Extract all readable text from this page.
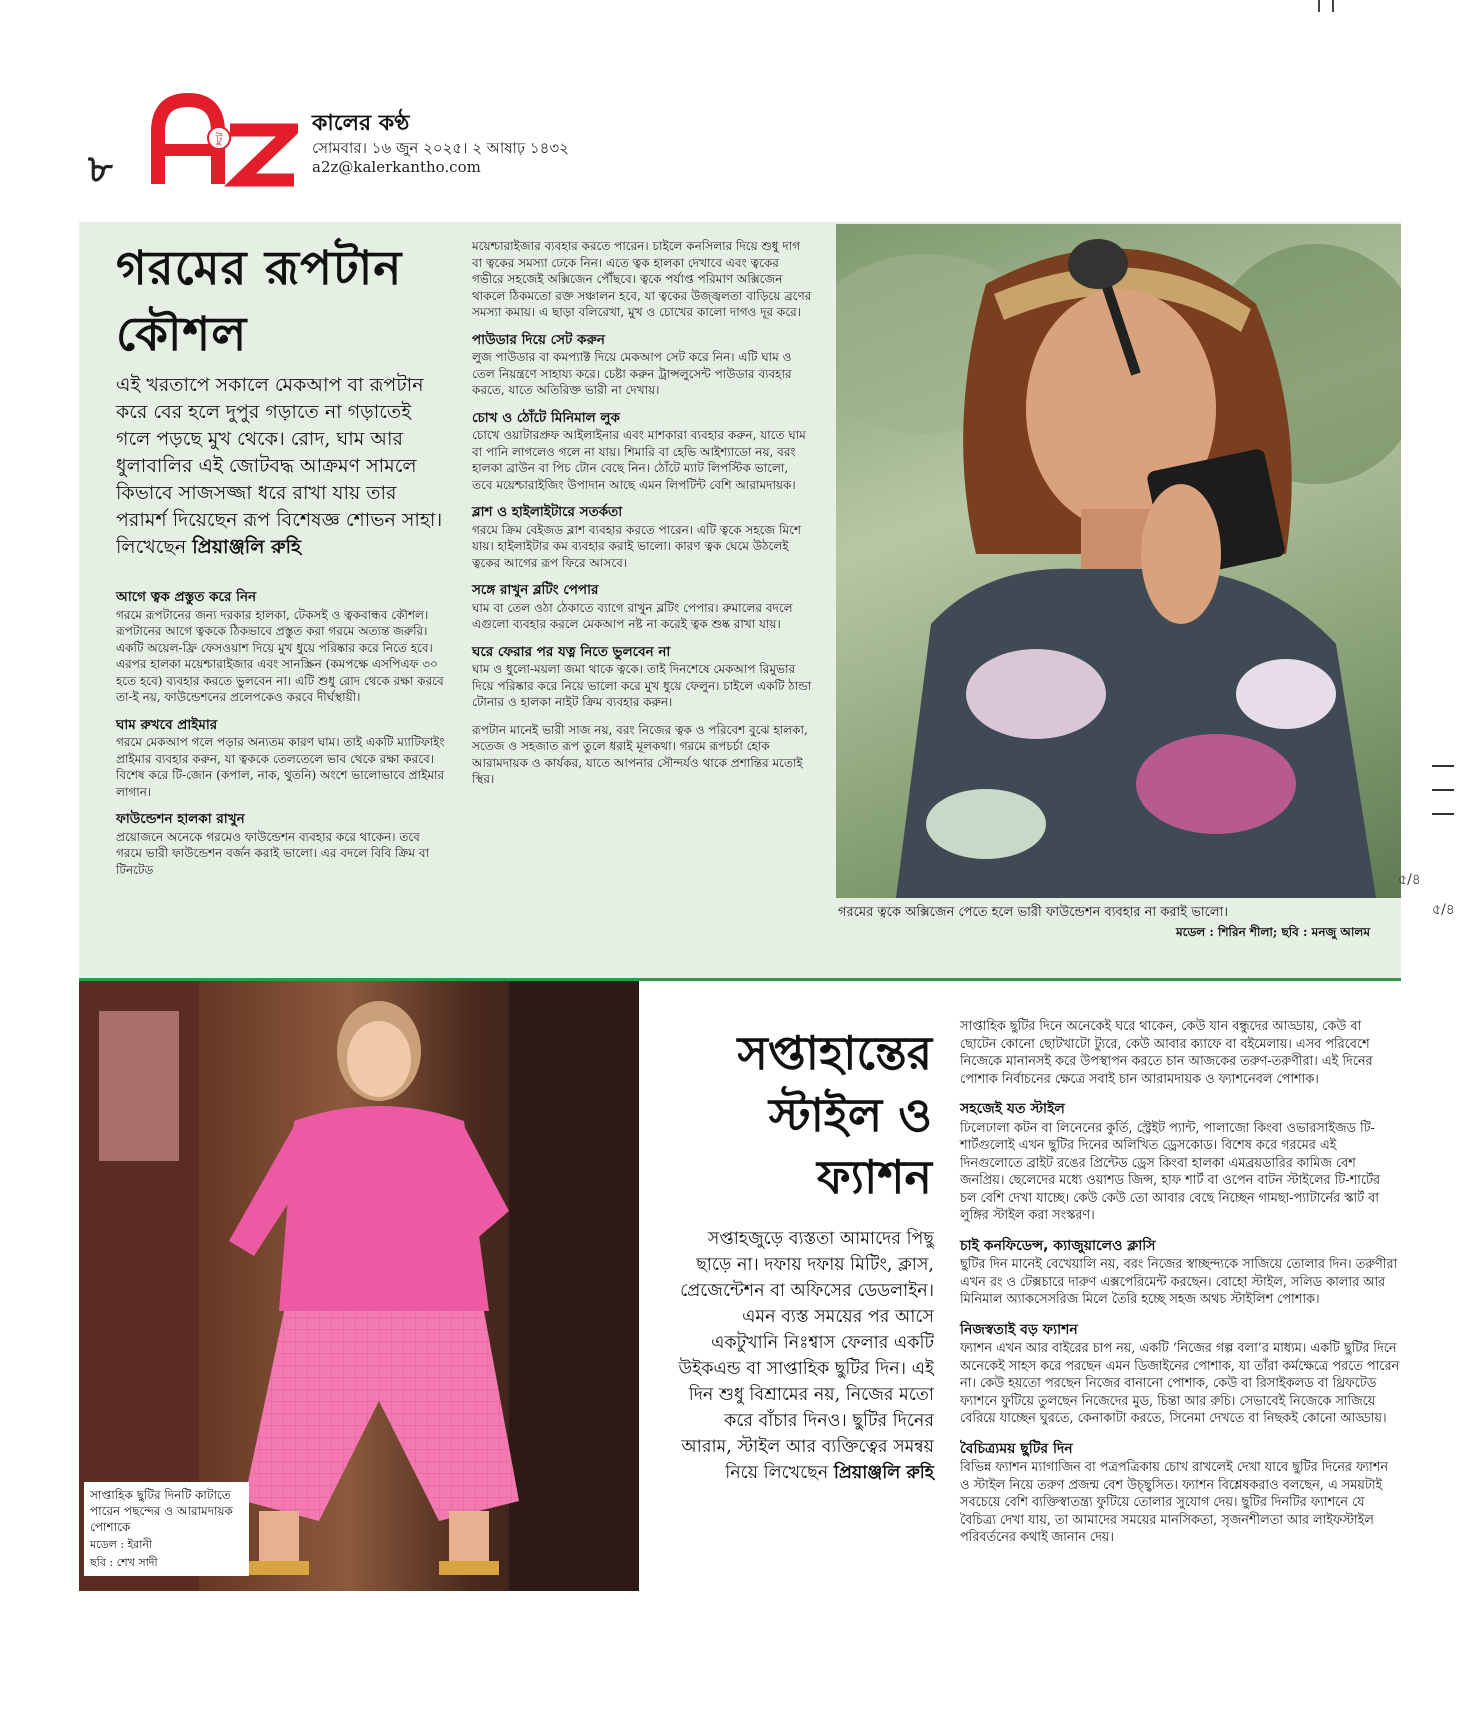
৮
টু
কালের কণ্ঠ
সোমবার। ১৬ জুন ২০২৫। ২ আষাঢ় ১৪৩২
a2z@kalerkantho.com
গরমের রূপটান কৌশল
এই খরতাপে সকালে মেকআপ বা রূপটান করে বের হলে দুপুর গড়াতে না গড়াতেই গলে পড়ছে মুখ থেকে। রোদ, ঘাম আর ধুলাবালির এই জোটবদ্ধ আক্রমণ সামলে কিভাবে সাজসজ্জা ধরে রাখা যায় তার পরামর্শ দিয়েছেন রূপ বিশেষজ্ঞ শোভন সাহা। লিখেছেন প্রিয়াঞ্জলি রুহি
আগে ত্বক প্রস্তুত করে নিন

গরমে রূপটানের জন্য দরকার হালকা, টেকসই ও ত্বকবান্ধব কৌশল। রূপটানের আগে ত্বককে ঠিকভাবে প্রস্তুত করা গরমে অত্যন্ত জরুরি। একটি অয়েল-ফ্রি ফেসওয়াশ দিয়ে মুখ ধুয়ে পরিষ্কার করে নিতে হবে। এরপর হালকা ময়েশ্চারাইজার এবং সানস্ক্রিন (কমপক্ষে এসপিএফ ৩০ হতে হবে) ব্যবহার করতে ভুলবেন না। এটি শুধু রোদ থেকে রক্ষা করবে তা-ই নয়, ফাউন্ডেশনের প্রলেপকেও করবে দীর্ঘস্থায়ী।

ঘাম রুখবে প্রাইমার

গরমে মেকআপ গলে পড়ার অন্যতম কারণ ঘাম। তাই একটি ম্যাটিফাইং প্রাইমার ব্যবহার করুন, যা ত্বককে তেলতেলে ভাব থেকে রক্ষা করবে। বিশেষ করে টি-জোন (কপাল, নাক, থুতনি) অংশে ভালোভাবে প্রাইমার লাগান।

ফাউন্ডেশন হালকা রাখুন

প্রয়োজনে অনেকে গরমেও ফাউন্ডেশন ব্যবহার করে থাকেন। তবে গরমে ভারী ফাউন্ডেশন বর্জন করাই ভালো। এর বদলে বিবি ক্রিম বা টিনটেড

ময়েশ্চারাইজার ব্যবহার করতে পারেন। চাইলে কনসিলার দিয়ে শুধু দাগ বা ত্বকের সমস্যা ঢেকে নিন। এতে ত্বক হালকা দেখাবে এবং ত্বকের গভীরে সহজেই অক্সিজেন পৌঁছবে। ত্বকে পর্যাপ্ত পরিমাণ অক্সিজেন থাকলে ঠিকমতো রক্ত সঞ্চালন হবে, যা ত্বকের উজ্জ্বলতা বাড়িয়ে ব্রণের সমস্যা কমায়। এ ছাড়া বলিরেখা, মুখ ও চোখের কালো দাগও দূর করে।

পাউডার দিয়ে সেট করুন

লুজ পাউডার বা কমপ্যাক্ট দিয়ে মেকআপ সেট করে নিন। এটি ঘাম ও তেল নিয়ন্ত্রণে সাহায্য করে। চেষ্টা করুন ট্রান্সলুসেন্ট পাউডার ব্যবহার করতে, যাতে অতিরিক্ত ভারী না দেখায়।

চোখ ও ঠোঁটে মিনিমাল লুক

চোখে ওয়াটারপ্রুফ আইলাইনার এবং মাশকারা ব্যবহার করুন, যাতে ঘাম বা পানি লাগলেও গলে না যায়। শিমারি বা হেভি আইশ্যাডো নয়, বরং হালকা ব্রাউন বা পিচ টোন বেছে নিন। ঠোঁটে ম্যাট লিপস্টিক ভালো, তবে ময়েশ্চারাইজিং উপাদান আছে এমন লিপটিন্ট বেশি আরামদায়ক।

ব্লাশ ও হাইলাইটারে সতর্কতা

গরমে ক্রিম বেইজড ব্লাশ ব্যবহার করতে পারেন। এটি ত্বকে সহজে মিশে যায়। হাইলাইটার কম ব্যবহার করাই ভালো। কারণ ত্বক ঘেমে উঠলেই ত্বকের আগের রূপ ফিরে আসবে।

সঙ্গে রাখুন ব্লটিং পেপার

ঘাম বা তেল ওঠা ঠেকাতে ব্যাগে রাখুন ব্লটিং পেপার। রুমালের বদলে এগুলো ব্যবহার করলে মেকআপ নষ্ট না করেই ত্বক শুষ্ক রাখা যায়।

ঘরে ফেরার পর যত্ন নিতে ভুলবেন না

ঘাম ও ধুলো-ময়লা জমা থাকে ত্বকে। তাই দিনশেষে মেকআপ রিমুভার দিয়ে পরিষ্কার করে নিয়ে ভালো করে মুখ ধুয়ে ফেলুন। চাইলে একটি ঠান্ডা টোনার ও হালকা নাইট ক্রিম ব্যবহার করুন।

রূপটান মানেই ভারী সাজ নয়, বরং নিজের ত্বক ও পরিবেশ বুঝে হালকা, সতেজ ও সহজাত রূপ তুলে ধরাই মূলকথা। গরমে রূপচর্চা হোক আরামদায়ক ও কার্যকর, যাতে আপনার সৌন্দর্যও থাকে প্রশান্তির মতোই স্থির।

গরমের ত্বকে অক্সিজেন পেতে হলে ভারী ফাউন্ডেশন ব্যবহার না করাই ভালো।
মডেল : শিরিন শীলা; ছবি : মনজু আলম
সাপ্তাহিক ছুটির দিনটি কাটাতে পারেন পছন্দের ও আরামদায়ক পোশাকে
মডেল : ইরানী
ছবি : শেখ সাদী
সপ্তাহান্তের স্টাইল ও ফ্যাশন
সপ্তাহজুড়ে ব্যস্ততা আমাদের পিছু ছাড়ে না। দফায় দফায় মিটিং, ক্লাস, প্রেজেন্টেশন বা অফিসের ডেডলাইন। এমন ব্যস্ত সময়ের পর আসে একটুখানি নিঃশ্বাস ফেলার একটি উইকএন্ড বা সাপ্তাহিক ছুটির দিন। এই দিন শুধু বিশ্রামের নয়, নিজের মতো করে বাঁচার দিনও। ছুটির দিনের আরাম, স্টাইল আর ব্যক্তিত্বের সমন্বয় নিয়ে লিখেছেন প্রিয়াঞ্জলি রুহি

সাপ্তাহিক ছুটির দিনে অনেকেই ঘরে থাকেন, কেউ যান বন্ধুদের আড্ডায়, কেউ বা ছোটেন কোনো ছোটখাটো ট্যুরে, কেউ আবার ক্যাফে বা বইমেলায়। এসব পরিবেশে নিজেকে মানানসই করে উপস্থাপন করতে চান আজকের তরুণ-তরুণীরা। এই দিনের পোশাক নির্বাচনের ক্ষেত্রে সবাই চান আরামদায়ক ও ফ্যাশনেবল পোশাক।

সহজেই যত স্টাইল

ঢিলেঢালা কটন বা লিনেনের কুর্তি, স্ট্রেইট প্যান্ট, পালাজো কিংবা ওভারসাইজড টি-শার্টগুলোই এখন ছুটির দিনের অলিখিত ড্রেসকোড। বিশেষ করে গরমের এই দিনগুলোতে ব্রাইট রঙের প্রিন্টেড ড্রেস কিংবা হালকা এমব্রয়ডারির কামিজ বেশ জনপ্রিয়। ছেলেদের মধ্যে ওয়াশড জিন্স, হাফ শার্ট বা ওপেন বাটন স্টাইলের টি-শার্টের চল বেশি দেখা যাচ্ছে। কেউ কেউ তো আবার বেছে নিচ্ছেন গামছা-প্যাটার্নের স্কার্ট বা লুঙ্গির স্টাইল করা সংস্করণ।

চাই কনফিডেন্স, ক্যাজুয়ালেও ক্লাসি

ছুটির দিন মানেই বেখেয়ালি নয়, বরং নিজের স্বাচ্ছন্দ্যকে সাজিয়ে তোলার দিন। তরুণীরা এখন রং ও টেক্সচারে দারুণ এক্সপেরিমেন্ট করছেন। বোহো স্টাইল, সলিড কালার আর মিনিমাল অ্যাকসেসরিজ মিলে তৈরি হচ্ছে সহজ অথচ স্টাইলিশ পোশাক।

নিজস্বতাই বড় ফ্যাশন

ফ্যাশন এখন আর বাইরের চাপ নয়, একটি ‘নিজের গল্প বলা’র মাধ্যম। একটি ছুটির দিনে অনেকেই সাহস করে পরছেন এমন ডিজাইনের পোশাক, যা তাঁরা কর্মক্ষেত্রে পরতে পারেন না। কেউ হয়তো পরছেন নিজের বানানো পোশাক, কেউ বা রিসাইকলড বা থ্রিফটেড ফ্যাশনে ফুটিয়ে তুলছেন নিজেদের মুড, চিন্তা আর রুচি। সেভাবেই নিজেকে সাজিয়ে বেরিয়ে যাচ্ছেন ঘুরতে, কেনাকাটা করতে, সিনেমা দেখতে বা নিছকই কোনো আড্ডায়।

বৈচিত্র্যময় ছুটির দিন

বিভিন্ন ফ্যাশন ম্যাগাজিন বা পত্রপত্রিকায় চোখ রাখলেই দেখা যাবে ছুটির দিনের ফ্যাশন ও স্টাইল নিয়ে তরুণ প্রজন্ম বেশ উচ্ছ্বসিত। ফ্যাশন বিশ্লেষকরাও বলছেন, এ সময়টাই সবচেয়ে বেশি ব্যক্তিস্বাতন্ত্র্য ফুটিয়ে তোলার সুযোগ দেয়। ছুটির দিনটির ফ্যাশনে যে বৈচিত্র্য দেখা যায়, তা আমাদের সময়ের মানসিকতা, সৃজনশীলতা আর লাইফস্টাইল পরিবর্তনের কথাই জানান দেয়।

৫/৪
৫/৪
